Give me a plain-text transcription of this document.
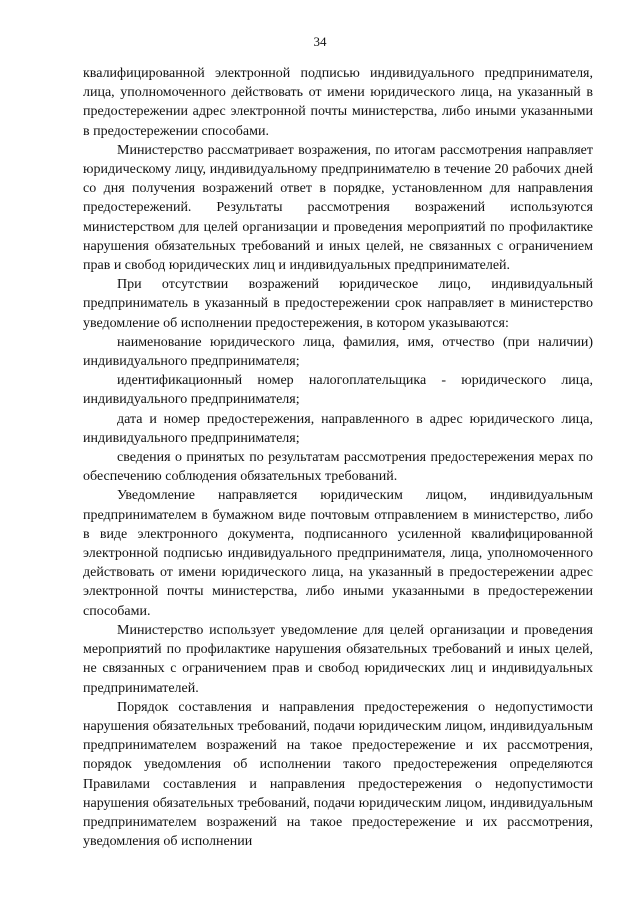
34

квалифицированной электронной подписью индивидуального предпринимателя, лица, уполномоченного действовать от имени юридического лица, на указанный в предостережении адрес электронной почты министерства, либо иными указанными в предостережении способами.

Министерство рассматривает возражения, по итогам рассмотрения направляет юридическому лицу, индивидуальному предпринимателю в течение 20 рабочих дней со дня получения возражений ответ в порядке, установленном для направления предостережений. Результаты рассмотрения возражений используются министерством для целей организации и проведения мероприятий по профилактике нарушения обязательных требований и иных целей, не связанных с ограничением прав и свобод юридических лиц и индивидуальных предпринимателей.

При отсутствии возражений юридическое лицо, индивидуальный предприниматель в указанный в предостережении срок направляет в министерство уведомление об исполнении предостережения, в котором указываются:

наименование юридического лица, фамилия, имя, отчество (при наличии) индивидуального предпринимателя;

идентификационный номер налогоплательщика - юридического лица, индивидуального предпринимателя;

дата и номер предостережения, направленного в адрес юридического лица, индивидуального предпринимателя;

сведения о принятых по результатам рассмотрения предостережения мерах по обеспечению соблюдения обязательных требований.

Уведомление направляется юридическим лицом, индивидуальным предпринимателем в бумажном виде почтовым отправлением в министерство, либо в виде электронного документа, подписанного усиленной квалифицированной электронной подписью индивидуального предпринимателя, лица, уполномоченного действовать от имени юридического лица, на указанный в предостережении адрес электронной почты министерства, либо иными указанными в предостережении способами.

Министерство использует уведомление для целей организации и проведения мероприятий по профилактике нарушения обязательных требований и иных целей, не связанных с ограничением прав и свобод юридических лиц и индивидуальных предпринимателей.

Порядок составления и направления предостережения о недопустимости нарушения обязательных требований, подачи юридическим лицом, индивидуальным предпринимателем возражений на такое предостережение и их рассмотрения, порядок уведомления об исполнении такого предостережения определяются Правилами составления и направления предостережения о недопустимости нарушения обязательных требований, подачи юридическим лицом, индивидуальным предпринимателем возражений на такое предостережение и их рассмотрения, уведомления об исполнении
